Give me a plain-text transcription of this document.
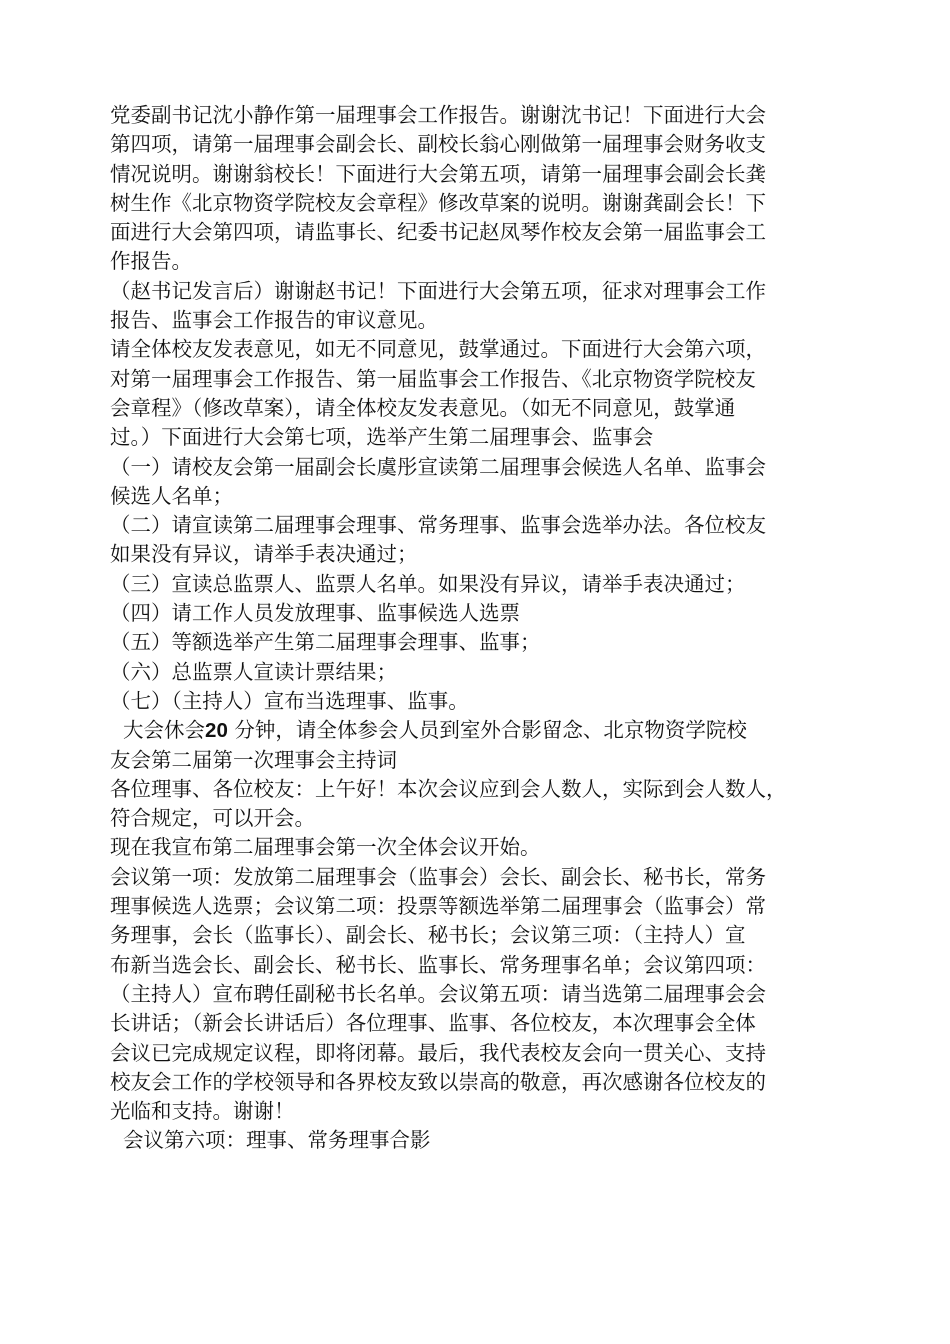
党委副书记沈小静作第一届理事会工作报告。谢谢沈书记！下面进行大会
第四项，请第一届理事会副会长、副校长翁心刚做第一届理事会财务收支
情况说明。谢谢翁校长！下面进行大会第五项，请第一届理事会副会长龚
树生作《北京物资学院校友会章程》修改草案的说明。谢谢龚副会长！下
面进行大会第四项，请监事长、纪委书记赵凤琴作校友会第一届监事会工
作报告。
（赵书记发言后）谢谢赵书记！下面进行大会第五项，征求对理事会工作
报告、监事会工作报告的审议意见。
请全体校友发表意见，如无不同意见，鼓掌通过。下面进行大会第六项，
对第一届理事会工作报告、第一届监事会工作报告、《北京物资学院校友
会章程》（修改草案），请全体校友发表意见。（如无不同意见，鼓掌通
过。）下面进行大会第七项，选举产生第二届理事会、监事会
（一）请校友会第一届副会长虞彤宣读第二届理事会候选人名单、监事会
候选人名单；
（二）请宣读第二届理事会理事、常务理事、监事会选举办法。各位校友
如果没有异议，请举手表决通过；
（三）宣读总监票人、监票人名单。如果没有异议，请举手表决通过；
（四）请工作人员发放理事、监事候选人选票
（五）等额选举产生第二届理事会理事、监事；
（六）总监票人宣读计票结果；
（七）（主持人）宣布当选理事、监事。
大会休会20 分钟，请全体参会人员到室外合影留念、北京物资学院校
友会第二届第一次理事会主持词
各位理事、各位校友：上午好！本次会议应到会人数人，实际到会人数人，
符合规定，可以开会。
现在我宣布第二届理事会第一次全体会议开始。
会议第一项：发放第二届理事会（监事会）会长、副会长、秘书长，常务
理事候选人选票；会议第二项：投票等额选举第二届理事会（监事会）常
务理事，会长（监事长）、副会长、秘书长；会议第三项：（主持人）宣
布新当选会长、副会长、秘书长、监事长、常务理事名单；会议第四项：
（主持人）宣布聘任副秘书长名单。会议第五项：请当选第二届理事会会
长讲话；（新会长讲话后）各位理事、监事、各位校友，本次理事会全体
会议已完成规定议程，即将闭幕。最后，我代表校友会向一贯关心、支持
校友会工作的学校领导和各界校友致以崇高的敬意，再次感谢各位校友的
光临和支持。谢谢！
会议第六项：理事、常务理事合影
